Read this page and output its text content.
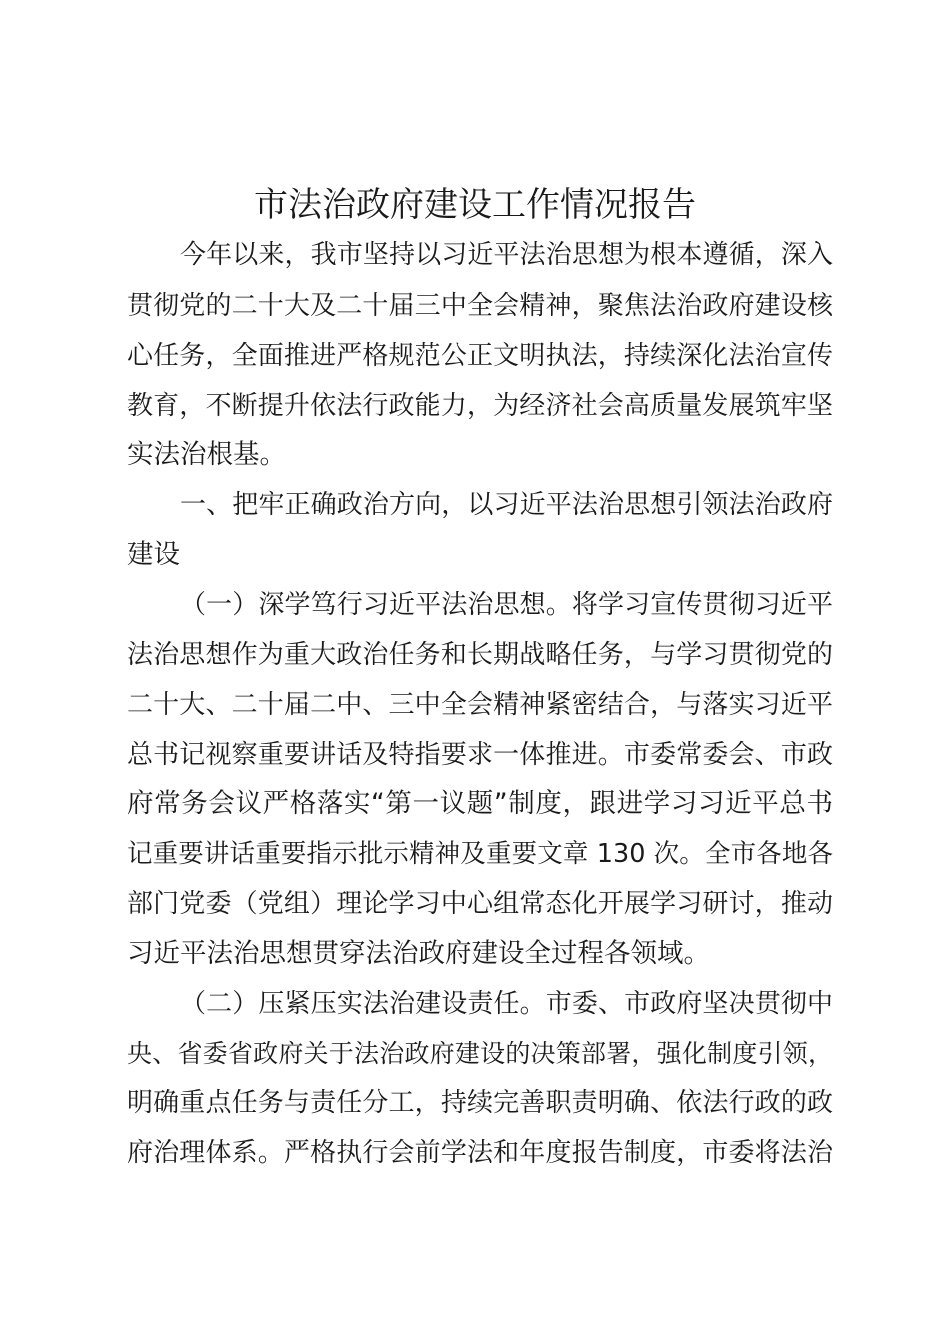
市法治政府建设工作情况报告
今年以来，我市坚持以习近平法治思想为根本遵循，深入
贯彻党的二十大及二十届三中全会精神，聚焦法治政府建设核
心任务，全面推进严格规范公正文明执法，持续深化法治宣传
教育，不断提升依法行政能力，为经济社会高质量发展筑牢坚
实法治根基。
一、把牢正确政治方向，以习近平法治思想引领法治政府
建设
（一）深学笃行习近平法治思想。将学习宣传贯彻习近平
法治思想作为重大政治任务和长期战略任务，与学习贯彻党的
二十大、二十届二中、三中全会精神紧密结合，与落实习近平
总书记视察重要讲话及特指要求一体推进。市委常委会、市政
府常务会议严格落实“第一议题”制度，跟进学习习近平总书
记重要讲话重要指示批示精神及重要文章 130 次。全市各地各
部门党委（党组）理论学习中心组常态化开展学习研讨，推动
习近平法治思想贯穿法治政府建设全过程各领域。
（二）压紧压实法治建设责任。市委、市政府坚决贯彻中
央、省委省政府关于法治政府建设的决策部署，强化制度引领，
明确重点任务与责任分工，持续完善职责明确、依法行政的政
府治理体系。严格执行会前学法和年度报告制度，市委将法治
